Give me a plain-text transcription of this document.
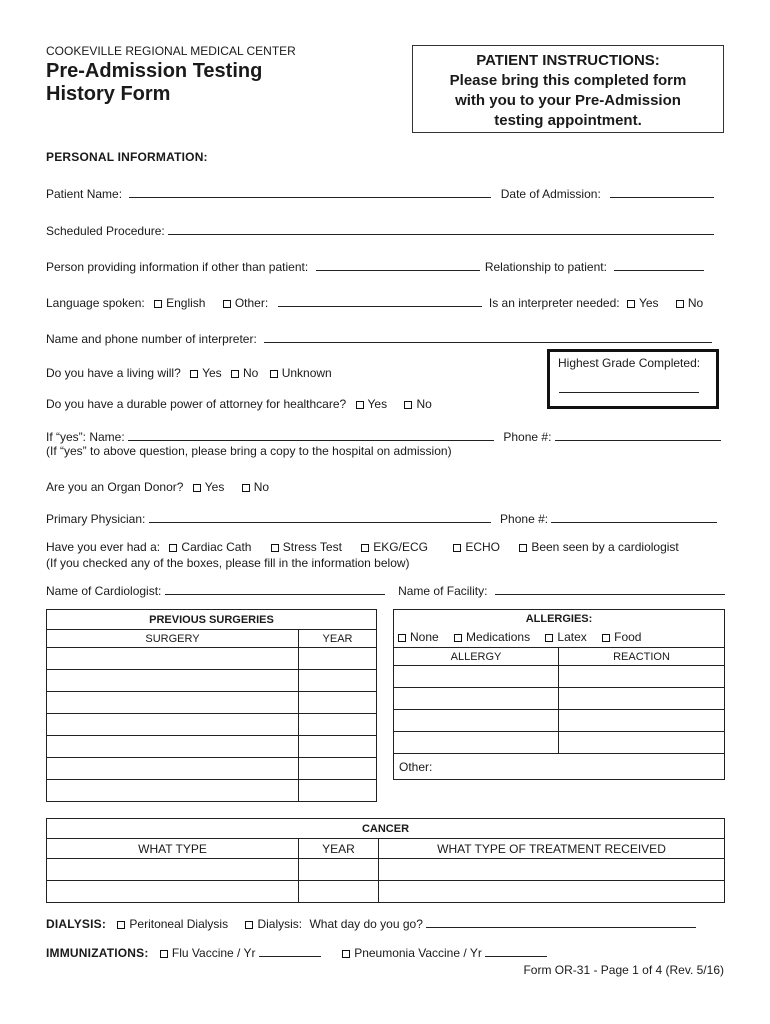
COOKEVILLE REGIONAL MEDICAL CENTER
Pre-Admission Testing
History Form
PATIENT INSTRUCTIONS:
Please bring this completed form
with you to your Pre-Admission
testing appointment.
PERSONAL INFORMATION:
Patient Name:	Date of Admission:
Scheduled Procedure:
Person providing information if other than patient:	Relationship to patient:
Language spoken: English Other:	Is an interpreter needed: Yes No
Name and phone number of interpreter:
Highest Grade Completed:
Do you have a living will? Yes No Unknown
Do you have a durable power of attorney for healthcare? Yes No
If “yes”: Name:	Phone #:
(If “yes” to above question, please bring a copy to the hospital on admission)
Are you an Organ Donor? Yes No
Primary Physician:	Phone #:
Have you ever had a: Cardiac Cath	Stress Test	EKG/ECG	ECHO	Been seen by a cardiologist
(If you checked any of the boxes, please fill in the information below)
Name of Cardiologist:	Name of Facility:
PREVIOUS SURGERIES	
SURGERY	YEAR

ALLERGIES:	
None Medications Latex Food	
ALLERGY	REACTION

Other:	
CANCER		
WHAT TYPE	YEAR	WHAT TYPE OF TREATMENT RECEIVED

DIALYSIS: Peritoneal Dialysis Dialysis: What day do you go?
IMMUNIZATIONS: Flu Vaccine / Yr	Pneumonia Vaccine / Yr
Form OR-31 - Page 1 of 4 (Rev. 5/16)
